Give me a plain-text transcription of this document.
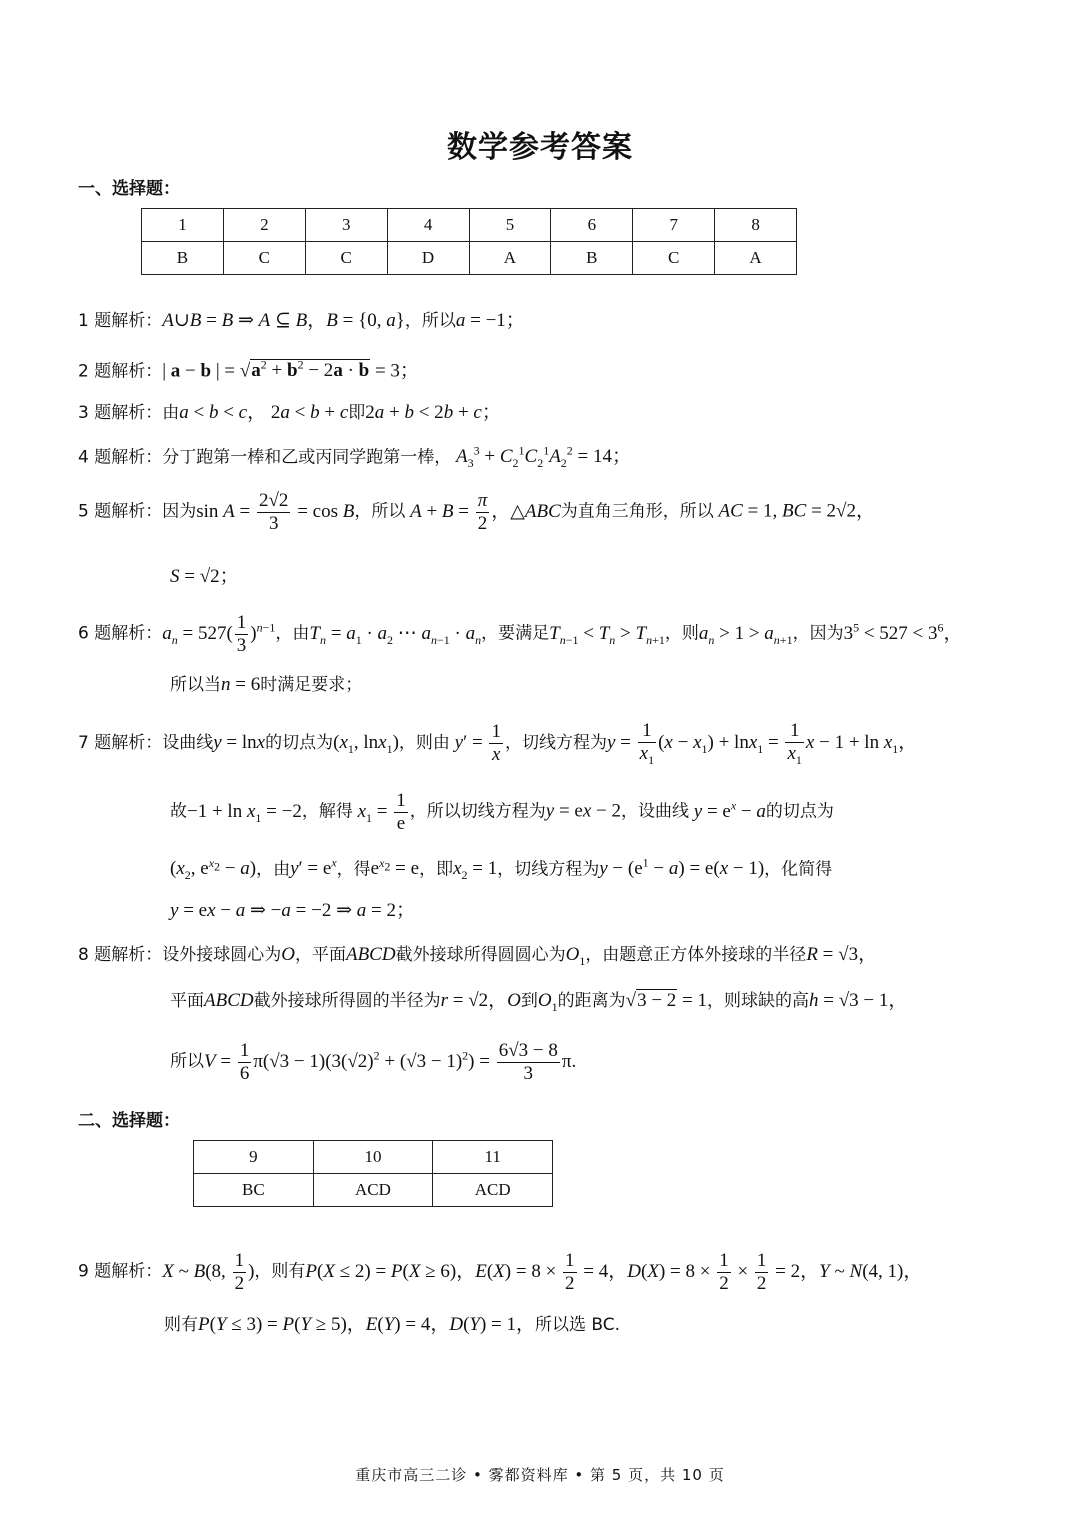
数学参考答案
一、选择题：
1	2	3	4	5	6	7	8
B	C	C	D	A	B	C	A
1 题解析：A∪B = B ⇒ A ⊆ B，B = {0, a}，所以a = −1；
2 题解析：| a − b | = $√a^2 + b^2 - 2a \cdot b = 3$；
3 题解析：由a < b < c， 2a < b + c即2a + b < 2b + c；
4 题解析：分丁跑第一棒和乙或丙同学跑第一棒， $A_3^3 + C_2^1C_2^1A_2^2 = 14$；
5 题解析：因为$\sin A = \frac{2√2}{3} = \cos B$，所以 $A + B = \frac{\pi}{2}$ ，△ABC为直角三角形，所以 AC = 1, BC = 2√2，
S = √2；
6 题解析：$a_n = 527( \frac{1}{3} )^{n-1}$，由$T_n = a_1 \cdot a_2$ ⋯ $a_{n-1} \cdot a_n$，要满足$T_{n-1} < T_n > T_{n+1}$，则$a_n > 1 > a_{n+1}$，因为$3^5 < 527 < 3^6$，
所以当n = 6时满足要求；
7 题解析：设曲线y = lnx的切点为($x_1$, lnx$_1$)，则由 $y' = \frac{1}{x}$ ，切线方程为$y = \frac{1}{x_1} (x - x_1) + \ln x_1 = \frac{1}{x_1}$ $x - 1 + \ln x_1$，
故$-1 + \ln x_1 = -2$，解得 $x_1 = \frac{1}{e}$ ，所以切线方程为y = ex − 2，设曲线 $y = e^x - a$的切点为
($x_2$, $e^{x_2} - a$)，由$y' = e^x$，得$e^{x_2} = e$，即$x_2 = 1$，切线方程为$y - (e^1 - a) = e(x - 1)$，化简得
y = ex − a ⇒ −a = −2 ⇒ a = 2；
8 题解析：设外接球圆心为O，平面ABCD截外接球所得圆圆心为$O_1$，由题意正方体外接球的半径R = √3，
平面ABCD截外接球所得圆的半径为r = √2，O到$O_1$的距离为√3 − 2 = 1，则球缺的高h = √3 − 1，
所以$V = \frac{1}{6} \pi(√3 - 1)(3(√2)^2 + (√3 - 1)^2) = \frac{6√3 - 8}{3} \pi$.
二、选择题：
9	10	11
BC	ACD	ACD
9 题解析：X ~ B(8, $\frac{1}{2}$ )，则有P(X ≤ 2) = P(X ≥ 6)，$E(X) = 8 \times \frac{1}{2} = 4$，$D(X) = 8 \times \frac{1}{2} \times \frac{1}{2} = 2$，Y ~ N(4, 1)，
则有P(Y ≤ 3) = P(Y ≥ 5)，E(Y) = 4，D(Y) = 1，所以选 BC.
重庆市高三二诊 • 雾都资料库 • 第 5 页，共 10 页
